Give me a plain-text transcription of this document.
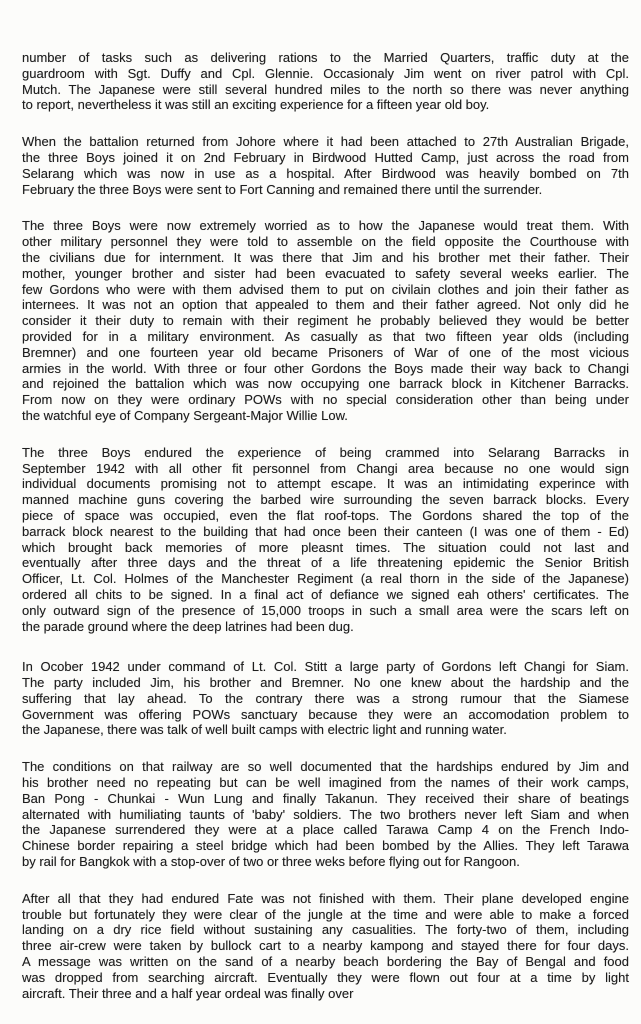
number of tasks such as delivering rations to the Married Quarters, traffic duty at the
guardroom with Sgt. Duffy and Cpl. Glennie. Occasionaly Jim went on river patrol with Cpl.
Mutch. The Japanese were still several hundred miles to the north so there was never anything
to report, nevertheless it was still an exciting experience for a fifteen year old boy.
When the battalion returned from Johore where it had been attached to 27th Australian Brigade,
the three Boys joined it on 2nd February in Birdwood Hutted Camp, just across the road from
Selarang which was now in use as a hospital. After Birdwood was heavily bombed on 7th
February the three Boys were sent to Fort Canning and remained there until the surrender.
The three Boys were now extremely worried as to how the Japanese would treat them. With
other military personnel they were told to assemble on the field opposite the Courthouse with
the civilians due for internment. It was there that Jim and his brother met their father. Their
mother, younger brother and sister had been evacuated to safety several weeks earlier. The
few Gordons who were with them advised them to put on civilain clothes and join their father as
internees. It was not an option that appealed to them and their father agreed. Not only did he
consider it their duty to remain with their regiment he probably believed they would be better
provided for in a military environment. As casually as that two fifteen year olds (including
Bremner) and one fourteen year old became Prisoners of War of one of the most vicious
armies in the world. With three or four other Gordons the Boys made their way back to Changi
and rejoined the battalion which was now occupying one barrack block in Kitchener Barracks.
From now on they were ordinary POWs with no special consideration other than being under
the watchful eye of Company Sergeant-Major Willie Low.
The three Boys endured the experience of being crammed into Selarang Barracks in
September 1942 with all other fit personnel from Changi area because no one would sign
individual documents promising not to attempt escape. It was an intimidating experince with
manned machine guns covering the barbed wire surrounding the seven barrack blocks. Every
piece of space was occupied, even the flat roof-tops. The Gordons shared the top of the
barrack block nearest to the building that had once been their canteen (I was one of them - Ed)
which brought back memories of more pleasnt times. The situation could not last and
eventually after three days and the threat of a life threatening epidemic the Senior British
Officer, Lt. Col. Holmes of the Manchester Regiment (a real thorn in the side of the Japanese)
ordered all chits to be signed. In a final act of defiance we signed eah others' certificates. The
only outward sign of the presence of 15,000 troops in such a small area were the scars left on
the parade ground where the deep latrines had been dug.
In Ocober 1942 under command of Lt. Col. Stitt a large party of Gordons left Changi for Siam.
The party included Jim, his brother and Bremner. No one knew about the hardship and the
suffering that lay ahead. To the contrary there was a strong rumour that the Siamese
Government was offering POWs sanctuary because they were an accomodation problem to
the Japanese, there was talk of well built camps with electric light and running water.
The conditions on that railway are so well documented that the hardships endured by Jim and
his brother need no repeating but can be well imagined from the names of their work camps,
Ban Pong - Chunkai - Wun Lung and finally Takanun. They received their share of beatings
alternated with humiliating taunts of 'baby' soldiers. The two brothers never left Siam and when
the Japanese surrendered they were at a place called Tarawa Camp 4 on the French Indo-
Chinese border repairing a steel bridge which had been bombed by the Allies. They left Tarawa
by rail for Bangkok with a stop-over of two or three weks before flying out for Rangoon.
After all that they had endured Fate was not finished with them. Their plane developed engine
trouble but fortunately they were clear of the jungle at the time and were able to make a forced
landing on a dry rice field without sustaining any casualities. The forty-two of them, including
three air-crew were taken by bullock cart to a nearby kampong and stayed there for four days.
A message was written on the sand of a nearby beach bordering the Bay of Bengal and food
was dropped from searching aircraft. Eventually they were flown out four at a time by light
aircraft. Their three and a half year ordeal was finally over
